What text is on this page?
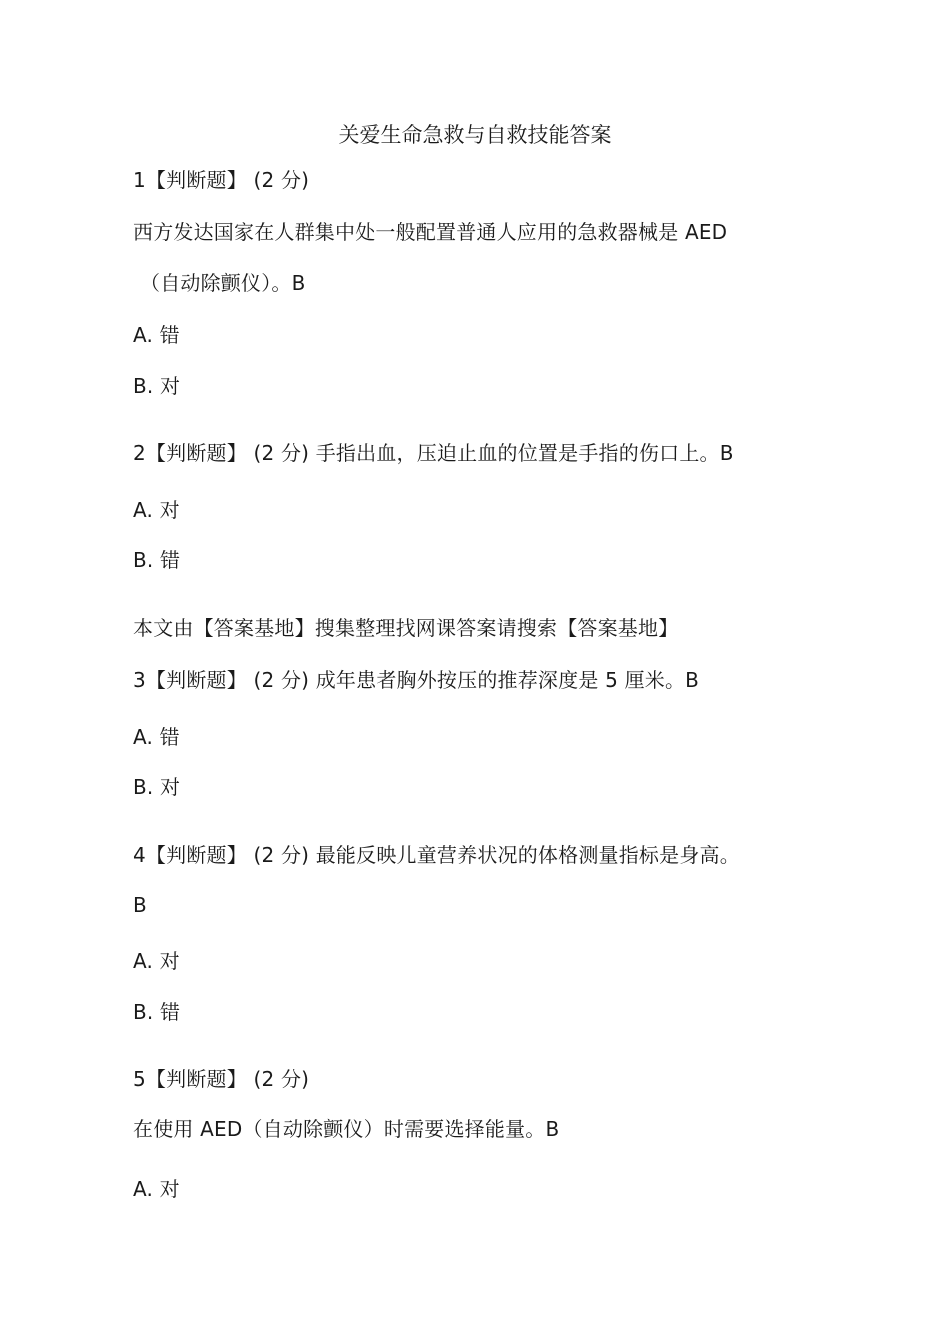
关爱生命急救与自救技能答案
1【判断题】 (2 分)
西方发达国家在人群集中处一般配置普通人应用的急救器械是 AED
（自动除颤仪）。B
A. 错
B. 对
2【判断题】 (2 分) 手指出血，压迫止血的位置是手指的伤口上。B
A. 对
B. 错
本文由【答案基地】搜集整理找网课答案请搜索【答案基地】
3【判断题】 (2 分) 成年患者胸外按压的推荐深度是 5 厘米。B
A. 错
B. 对
4【判断题】 (2 分) 最能反映儿童营养状况的体格测量指标是身高。
B
A. 对
B. 错
5【判断题】 (2 分)
在使用 AED（自动除颤仪）时需要选择能量。B
A. 对
